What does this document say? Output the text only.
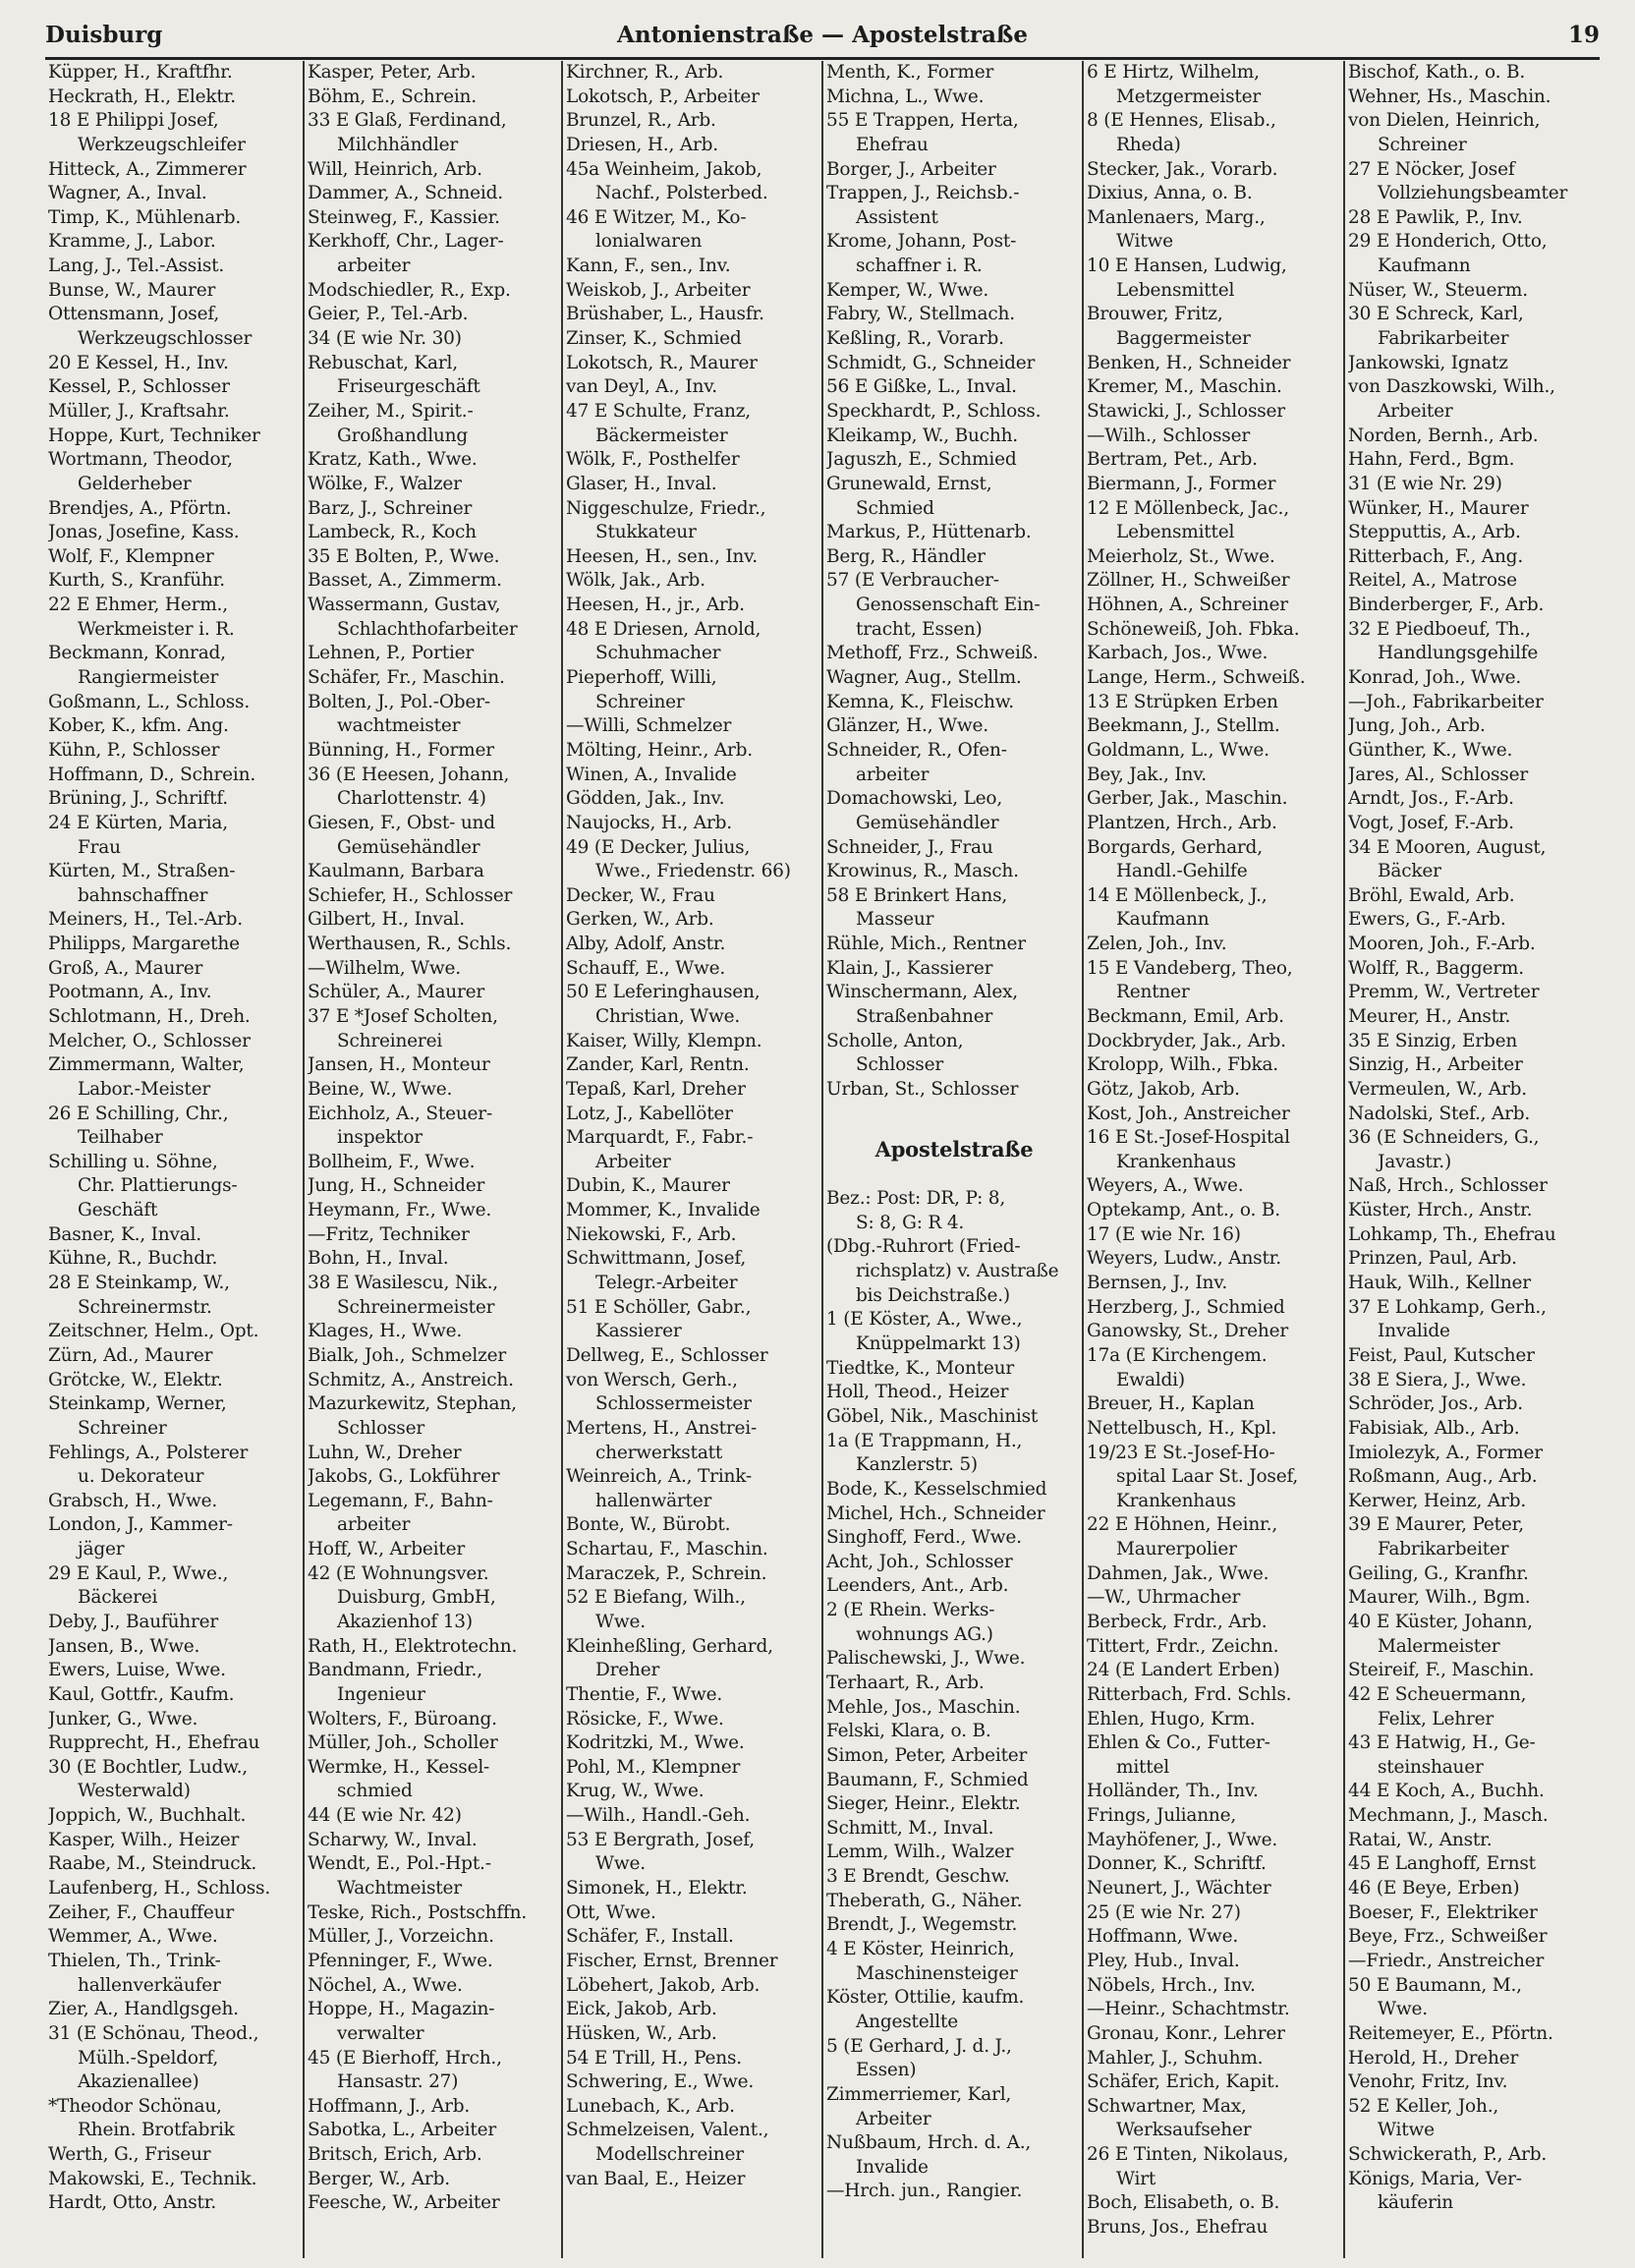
Duisburg	Antonienstraße — Apostelstraße	19
Küpper, H., Kraftfhr.
Heckrath, H., Elektr.
18 E Philippi Josef,
Werkzeugschleifer
Hitteck, A., Zimmerer
Wagner, A., Inval.
Timp, K., Mühlenarb.
Kramme, J., Labor.
Lang, J., Tel.-Assist.
Bunse, W., Maurer
Ottensmann, Josef,
Werkzeugschlosser
20 E Kessel, H., Inv.
Kessel, P., Schlosser
Müller, J., Kraftsahr.
Hoppe, Kurt, Techniker
Wortmann, Theodor,
Gelderheber
Brendjes, A., Pförtn.
Jonas, Josefine, Kass.
Wolf, F., Klempner
Kurth, S., Kranführ.
22 E Ehmer, Herm.,
Werkmeister i. R.
Beckmann, Konrad,
Rangiermeister
Goßmann, L., Schloss.
Kober, K., kfm. Ang.
Kühn, P., Schlosser
Hoffmann, D., Schrein.
Brüning, J., Schriftf.
24 E Kürten, Maria,
Frau
Kürten, M., Straßen-
bahnschaffner
Meiners, H., Tel.-Arb.
Philipps, Margarethe
Groß, A., Maurer
Pootmann, A., Inv.
Schlotmann, H., Dreh.
Melcher, O., Schlosser
Zimmermann, Walter,
Labor.-Meister
26 E Schilling, Chr.,
Teilhaber
Schilling u. Söhne,
Chr. Plattierungs-
Geschäft
Basner, K., Inval.
Kühne, R., Buchdr.
28 E Steinkamp, W.,
Schreinermstr.
Zeitschner, Helm., Opt.
Zürn, Ad., Maurer
Grötcke, W., Elektr.
Steinkamp, Werner,
Schreiner
Fehlings, A., Polsterer
u. Dekorateur
Grabsch, H., Wwe.
London, J., Kammer-
jäger
29 E Kaul, P., Wwe.,
Bäckerei
Deby, J., Bauführer
Jansen, B., Wwe.
Ewers, Luise, Wwe.
Kaul, Gottfr., Kaufm.
Junker, G., Wwe.
Rupprecht, H., Ehefrau
30 (E Bochtler, Ludw.,
Westerwald)
Joppich, W., Buchhalt.
Kasper, Wilh., Heizer
Raabe, M., Steindruck.
Laufenberg, H., Schloss.
Zeiher, F., Chauffeur
Wemmer, A., Wwe.
Thielen, Th., Trink-
hallenverkäufer
Zier, A., Handlgsgeh.
31 (E Schönau, Theod.,
Mülh.-Speldorf,
Akazienallee)
*Theodor Schönau,
Rhein. Brotfabrik
Werth, G., Friseur
Makowski, E., Technik.
Hardt, Otto, Anstr.
Kasper, Peter, Arb.
Böhm, E., Schrein.
33 E Glaß, Ferdinand,
Milchhändler
Will, Heinrich, Arb.
Dammer, A., Schneid.
Steinweg, F., Kassier.
Kerkhoff, Chr., Lager-
arbeiter
Modschiedler, R., Exp.
Geier, P., Tel.-Arb.
34 (E wie Nr. 30)
Rebuschat, Karl,
Friseurgeschäft
Zeiher, M., Spirit.-
Großhandlung
Kratz, Kath., Wwe.
Wölke, F., Walzer
Barz, J., Schreiner
Lambeck, R., Koch
35 E Bolten, P., Wwe.
Basset, A., Zimmerm.
Wassermann, Gustav,
Schlachthofarbeiter
Lehnen, P., Portier
Schäfer, Fr., Maschin.
Bolten, J., Pol.-Ober-
wachtmeister
Bünning, H., Former
36 (E Heesen, Johann,
Charlottenstr. 4)
Giesen, F., Obst- und
Gemüsehändler
Kaulmann, Barbara
Schiefer, H., Schlosser
Gilbert, H., Inval.
Werthausen, R., Schls.
—Wilhelm, Wwe.
Schüler, A., Maurer
37 E *Josef Scholten,
Schreinerei
Jansen, H., Monteur
Beine, W., Wwe.
Eichholz, A., Steuer-
inspektor
Bollheim, F., Wwe.
Jung, H., Schneider
Heymann, Fr., Wwe.
—Fritz, Techniker
Bohn, H., Inval.
38 E Wasilescu, Nik.,
Schreinermeister
Klages, H., Wwe.
Bialk, Joh., Schmelzer
Schmitz, A., Anstreich.
Mazurkewitz, Stephan,
Schlosser
Luhn, W., Dreher
Jakobs, G., Lokführer
Legemann, F., Bahn-
arbeiter
Hoff, W., Arbeiter
42 (E Wohnungsver.
Duisburg, GmbH,
Akazienhof 13)
Rath, H., Elektrotechn.
Bandmann, Friedr.,
Ingenieur
Wolters, F., Büroang.
Müller, Joh., Scholler
Wermke, H., Kessel-
schmied
44 (E wie Nr. 42)
Scharwy, W., Inval.
Wendt, E., Pol.-Hpt.-
Wachtmeister
Teske, Rich., Postschffn.
Müller, J., Vorzeichn.
Pfenninger, F., Wwe.
Nöchel, A., Wwe.
Hoppe, H., Magazin-
verwalter
45 (E Bierhoff, Hrch.,
Hansastr. 27)
Hoffmann, J., Arb.
Sabotka, L., Arbeiter
Britsch, Erich, Arb.
Berger, W., Arb.
Feesche, W., Arbeiter
Kirchner, R., Arb.
Lokotsch, P., Arbeiter
Brunzel, R., Arb.
Driesen, H., Arb.
45a Weinheim, Jakob,
Nachf., Polsterbed.
46 E Witzer, M., Ko-
lonialwaren
Kann, F., sen., Inv.
Weiskob, J., Arbeiter
Brüshaber, L., Hausfr.
Zinser, K., Schmied
Lokotsch, R., Maurer
van Deyl, A., Inv.
47 E Schulte, Franz,
Bäckermeister
Wölk, F., Posthelfer
Glaser, H., Inval.
Niggeschulze, Friedr.,
Stukkateur
Heesen, H., sen., Inv.
Wölk, Jak., Arb.
Heesen, H., jr., Arb.
48 E Driesen, Arnold,
Schuhmacher
Pieperhoff, Willi,
Schreiner
—Willi, Schmelzer
Mölting, Heinr., Arb.
Winen, A., Invalide
Gödden, Jak., Inv.
Naujocks, H., Arb.
49 (E Decker, Julius,
Wwe., Friedenstr. 66)
Decker, W., Frau
Gerken, W., Arb.
Alby, Adolf, Anstr.
Schauff, E., Wwe.
50 E Leferinghausen,
Christian, Wwe.
Kaiser, Willy, Klempn.
Zander, Karl, Rentn.
Tepaß, Karl, Dreher
Lotz, J., Kabellöter
Marquardt, F., Fabr.-
Arbeiter
Dubin, K., Maurer
Mommer, K., Invalide
Niekowski, F., Arb.
Schwittmann, Josef,
Telegr.-Arbeiter
51 E Schöller, Gabr.,
Kassierer
Dellweg, E., Schlosser
von Wersch, Gerh.,
Schlossermeister
Mertens, H., Anstrei-
cherwerkstatt
Weinreich, A., Trink-
hallenwärter
Bonte, W., Bürobt.
Schartau, F., Maschin.
Maraczek, P., Schrein.
52 E Biefang, Wilh.,
Wwe.
Kleinheßling, Gerhard,
Dreher
Thentie, F., Wwe.
Rösicke, F., Wwe.
Kodritzki, M., Wwe.
Pohl, M., Klempner
Krug, W., Wwe.
—Wilh., Handl.-Geh.
53 E Bergrath, Josef,
Wwe.
Simonek, H., Elektr.
Ott, Wwe.
Schäfer, F., Install.
Fischer, Ernst, Brenner
Löbehert, Jakob, Arb.
Eick, Jakob, Arb.
Hüsken, W., Arb.
54 E Trill, H., Pens.
Schwering, E., Wwe.
Lunebach, K., Arb.
Schmelzeisen, Valent.,
Modellschreiner
van Baal, E., Heizer
Menth, K., Former
Michna, L., Wwe.
55 E Trappen, Herta,
Ehefrau
Borger, J., Arbeiter
Trappen, J., Reichsb.-
Assistent
Krome, Johann, Post-
schaffner i. R.
Kemper, W., Wwe.
Fabry, W., Stellmach.
Keßling, R., Vorarb.
Schmidt, G., Schneider
56 E Gißke, L., Inval.
Speckhardt, P., Schloss.
Kleikamp, W., Buchh.
Jaguszh, E., Schmied
Grunewald, Ernst,
Schmied
Markus, P., Hüttenarb.
Berg, R., Händler
57 (E Verbraucher-
Genossenschaft Ein-
tracht, Essen)
Methoff, Frz., Schweiß.
Wagner, Aug., Stellm.
Kemna, K., Fleischw.
Glänzer, H., Wwe.
Schneider, R., Ofen-
arbeiter
Domachowski, Leo,
Gemüsehändler
Schneider, J., Frau
Krowinus, R., Masch.
58 E Brinkert Hans,
Masseur
Rühle, Mich., Rentner
Klain, J., Kassierer
Winschermann, Alex,
Straßenbahner
Scholle, Anton,
Schlosser
Urban, St., Schlosser
Apostelstraße
Bez.: Post: DR, P: 8,
S: 8, G: R 4.
(Dbg.-Ruhrort (Fried-
richsplatz) v. Austraße
bis Deichstraße.)
1 (E Köster, A., Wwe.,
Knüppelmarkt 13)
Tiedtke, K., Monteur
Holl, Theod., Heizer
Göbel, Nik., Maschinist
1a (E Trappmann, H.,
Kanzlerstr. 5)
Bode, K., Kesselschmied
Michel, Hch., Schneider
Singhoff, Ferd., Wwe.
Acht, Joh., Schlosser
Leenders, Ant., Arb.
2 (E Rhein. Werks-
wohnungs AG.)
Palischewski, J., Wwe.
Terhaart, R., Arb.
Mehle, Jos., Maschin.
Felski, Klara, o. B.
Simon, Peter, Arbeiter
Baumann, F., Schmied
Sieger, Heinr., Elektr.
Schmitt, M., Inval.
Lemm, Wilh., Walzer
3 E Brendt, Geschw.
Theberath, G., Näher.
Brendt, J., Wegemstr.
4 E Köster, Heinrich,
Maschinensteiger
Köster, Ottilie, kaufm.
Angestellte
5 (E Gerhard, J. d. J.,
Essen)
Zimmerriemer, Karl,
Arbeiter
Nußbaum, Hrch. d. A.,
Invalide
—Hrch. jun., Rangier.
6 E Hirtz, Wilhelm,
Metzgermeister
8 (E Hennes, Elisab.,
Rheda)
Stecker, Jak., Vorarb.
Dixius, Anna, o. B.
Manlenaers, Marg.,
Witwe
10 E Hansen, Ludwig,
Lebensmittel
Brouwer, Fritz,
Baggermeister
Benken, H., Schneider
Kremer, M., Maschin.
Stawicki, J., Schlosser
—Wilh., Schlosser
Bertram, Pet., Arb.
Biermann, J., Former
12 E Möllenbeck, Jac.,
Lebensmittel
Meierholz, St., Wwe.
Zöllner, H., Schweißer
Höhnen, A., Schreiner
Schöneweiß, Joh. Fbka.
Karbach, Jos., Wwe.
Lange, Herm., Schweiß.
13 E Strüpken Erben
Beekmann, J., Stellm.
Goldmann, L., Wwe.
Bey, Jak., Inv.
Gerber, Jak., Maschin.
Plantzen, Hrch., Arb.
Borgards, Gerhard,
Handl.-Gehilfe
14 E Möllenbeck, J.,
Kaufmann
Zelen, Joh., Inv.
15 E Vandeberg, Theo,
Rentner
Beckmann, Emil, Arb.
Dockbryder, Jak., Arb.
Krolopp, Wilh., Fbka.
Götz, Jakob, Arb.
Kost, Joh., Anstreicher
16 E St.-Josef-Hospital
Krankenhaus
Weyers, A., Wwe.
Optekamp, Ant., o. B.
17 (E wie Nr. 16)
Weyers, Ludw., Anstr.
Bernsen, J., Inv.
Herzberg, J., Schmied
Ganowsky, St., Dreher
17a (E Kirchengem.
Ewaldi)
Breuer, H., Kaplan
Nettelbusch, H., Kpl.
19/23 E St.-Josef-Ho-
spital Laar St. Josef,
Krankenhaus
22 E Höhnen, Heinr.,
Maurerpolier
Dahmen, Jak., Wwe.
—W., Uhrmacher
Berbeck, Frdr., Arb.
Tittert, Frdr., Zeichn.
24 (E Landert Erben)
Ritterbach, Frd. Schls.
Ehlen, Hugo, Krm.
Ehlen & Co., Futter-
mittel
Holländer, Th., Inv.
Frings, Julianne,
Mayhöfener, J., Wwe.
Donner, K., Schriftf.
Neunert, J., Wächter
25 (E wie Nr. 27)
Hoffmann, Wwe.
Pley, Hub., Inval.
Nöbels, Hrch., Inv.
—Heinr., Schachtmstr.
Gronau, Konr., Lehrer
Mahler, J., Schuhm.
Schäfer, Erich, Kapit.
Schwartner, Max,
Werksaufseher
26 E Tinten, Nikolaus,
Wirt
Boch, Elisabeth, o. B.
Bruns, Jos., Ehefrau
Bischof, Kath., o. B.
Wehner, Hs., Maschin.
von Dielen, Heinrich,
Schreiner
27 E Nöcker, Josef
Vollziehungsbeamter
28 E Pawlik, P., Inv.
29 E Honderich, Otto,
Kaufmann
Nüser, W., Steuerm.
30 E Schreck, Karl,
Fabrikarbeiter
Jankowski, Ignatz
von Daszkowski, Wilh.,
Arbeiter
Norden, Bernh., Arb.
Hahn, Ferd., Bgm.
31 (E wie Nr. 29)
Wünker, H., Maurer
Stepputtis, A., Arb.
Ritterbach, F., Ang.
Reitel, A., Matrose
Binderberger, F., Arb.
32 E Piedboeuf, Th.,
Handlungsgehilfe
Konrad, Joh., Wwe.
—Joh., Fabrikarbeiter
Jung, Joh., Arb.
Günther, K., Wwe.
Jares, Al., Schlosser
Arndt, Jos., F.-Arb.
Vogt, Josef, F.-Arb.
34 E Mooren, August,
Bäcker
Bröhl, Ewald, Arb.
Ewers, G., F.-Arb.
Mooren, Joh., F.-Arb.
Wolff, R., Baggerm.
Premm, W., Vertreter
Meurer, H., Anstr.
35 E Sinzig, Erben
Sinzig, H., Arbeiter
Vermeulen, W., Arb.
Nadolski, Stef., Arb.
36 (E Schneiders, G.,
Javastr.)
Naß, Hrch., Schlosser
Küster, Hrch., Anstr.
Lohkamp, Th., Ehefrau
Prinzen, Paul, Arb.
Hauk, Wilh., Kellner
37 E Lohkamp, Gerh.,
Invalide
Feist, Paul, Kutscher
38 E Siera, J., Wwe.
Schröder, Jos., Arb.
Fabisiak, Alb., Arb.
Imiolezyk, A., Former
Roßmann, Aug., Arb.
Kerwer, Heinz, Arb.
39 E Maurer, Peter,
Fabrikarbeiter
Geiling, G., Kranfhr.
Maurer, Wilh., Bgm.
40 E Küster, Johann,
Malermeister
Steireif, F., Maschin.
42 E Scheuermann,
Felix, Lehrer
43 E Hatwig, H., Ge-
steinshauer
44 E Koch, A., Buchh.
Mechmann, J., Masch.
Ratai, W., Anstr.
45 E Langhoff, Ernst
46 (E Beye, Erben)
Boeser, F., Elektriker
Beye, Frz., Schweißer
—Friedr., Anstreicher
50 E Baumann, M.,
Wwe.
Reitemeyer, E., Pförtn.
Herold, H., Dreher
Venohr, Fritz, Inv.
52 E Keller, Joh.,
Witwe
Schwickerath, P., Arb.
Königs, Maria, Ver-
käuferin
